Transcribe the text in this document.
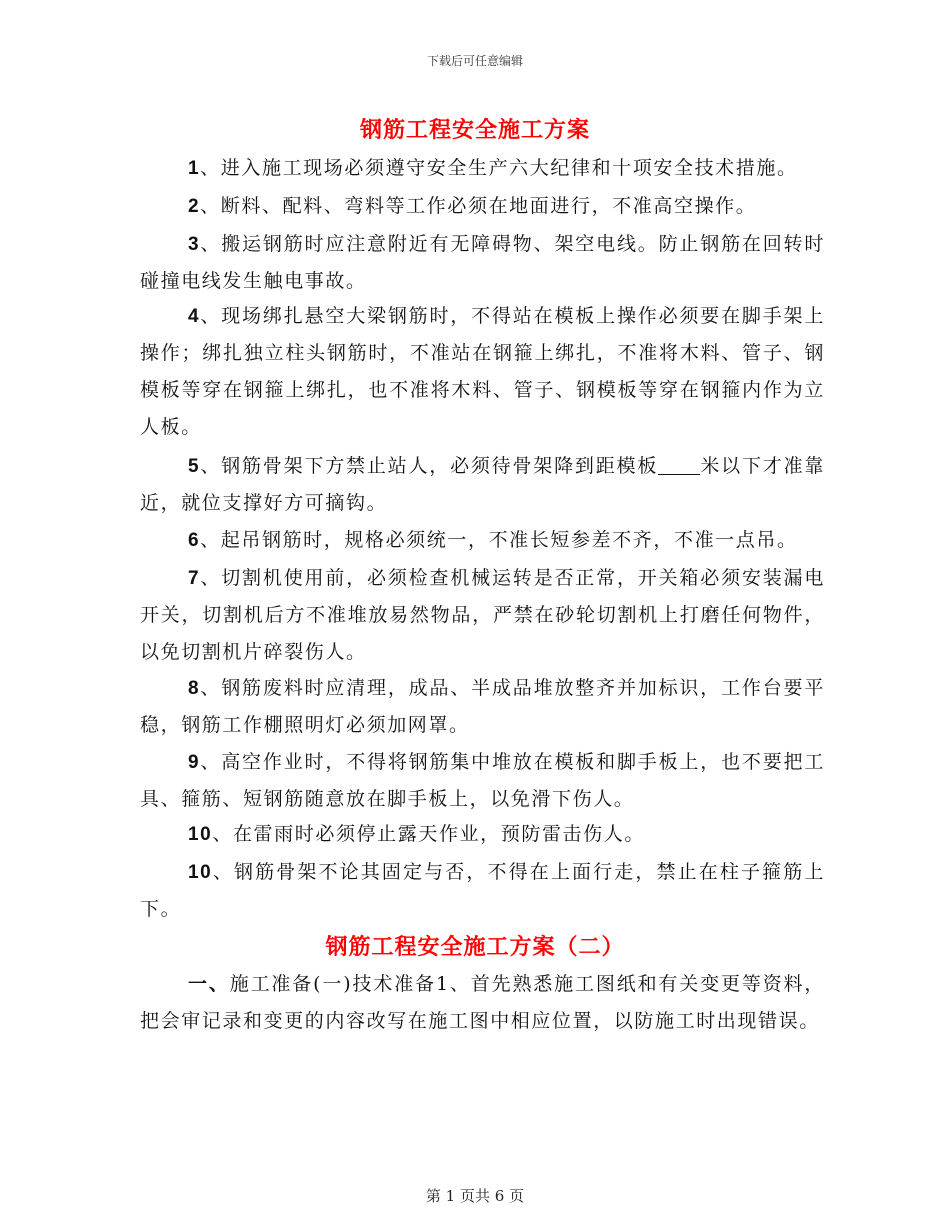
下载后可任意编辑
钢筋工程安全施工方案
1、进入施工现场必须遵守安全生产六大纪律和十项安全技术措施。
2、断料、配料、弯料等工作必须在地面进行，不准高空操作。
3、搬运钢筋时应注意附近有无障碍物、架空电线。防止钢筋在回转时碰撞电线发生触电事故。
4、现场绑扎悬空大梁钢筋时，不得站在模板上操作必须要在脚手架上操作；绑扎独立柱头钢筋时，不准站在钢箍上绑扎，不准将木料、管子、钢模板等穿在钢箍上绑扎，也不准将木料、管子、钢模板等穿在钢箍内作为立人板。
5、钢筋骨架下方禁止站人，必须待骨架降到距模板 米以下才准靠近，就位支撑好方可摘钩。
6、起吊钢筋时，规格必须统一，不准长短参差不齐，不准一点吊。
7、切割机使用前，必须检查机械运转是否正常，开关箱必须安装漏电开关，切割机后方不准堆放易然物品，严禁在砂轮切割机上打磨任何物件，以免切割机片碎裂伤人。
8、钢筋废料时应清理，成品、半成品堆放整齐并加标识，工作台要平稳，钢筋工作棚照明灯必须加网罩。
9、高空作业时，不得将钢筋集中堆放在模板和脚手板上，也不要把工具、箍筋、短钢筋随意放在脚手板上，以免滑下伤人。
10、在雷雨时必须停止露天作业，预防雷击伤人。
10、钢筋骨架不论其固定与否，不得在上面行走，禁止在柱子箍筋上下。
钢筋工程安全施工方案（二）
一、施工准备(一)技术准备1、首先熟悉施工图纸和有关变更等资料，把会审记录和变更的内容改写在施工图中相应位置，以防施工时出现错误。
第 1 页共 6 页
